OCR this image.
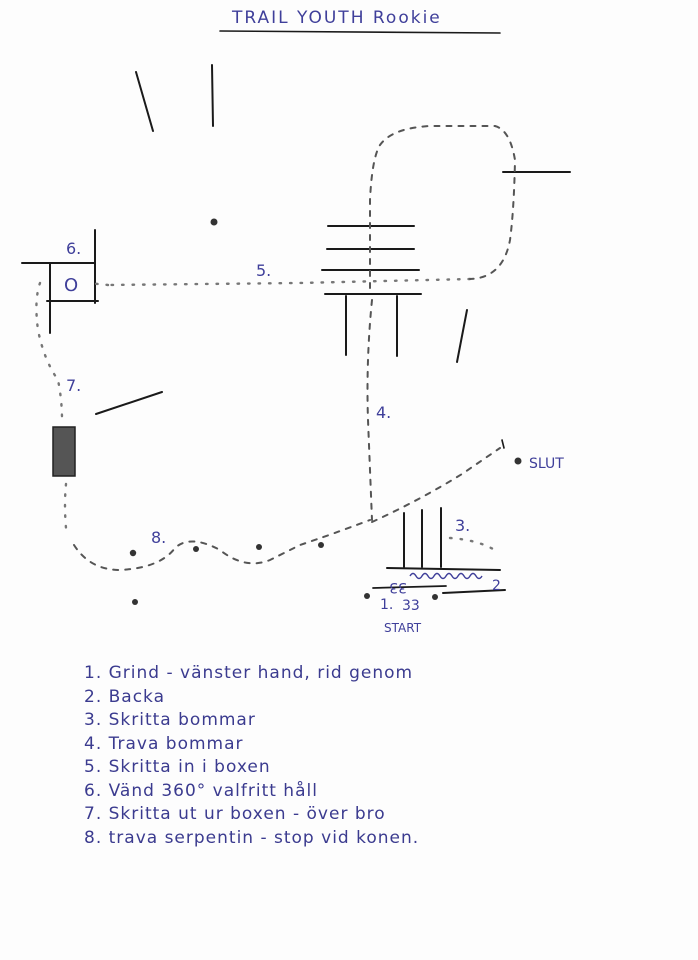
TRAIL YOUTH Rookie
6.
O
5.
4.
3.
2
33
1. 33
START
SLUT
7.
8.
1. Grind - vänster hand, rid genom
2. Backa
3. Skritta bommar
4. Trava bommar
5. Skritta in i boxen
6. Vänd 360° valfritt håll
7. Skritta ut ur boxen - över bro
8. trava serpentin - stop vid konen.
